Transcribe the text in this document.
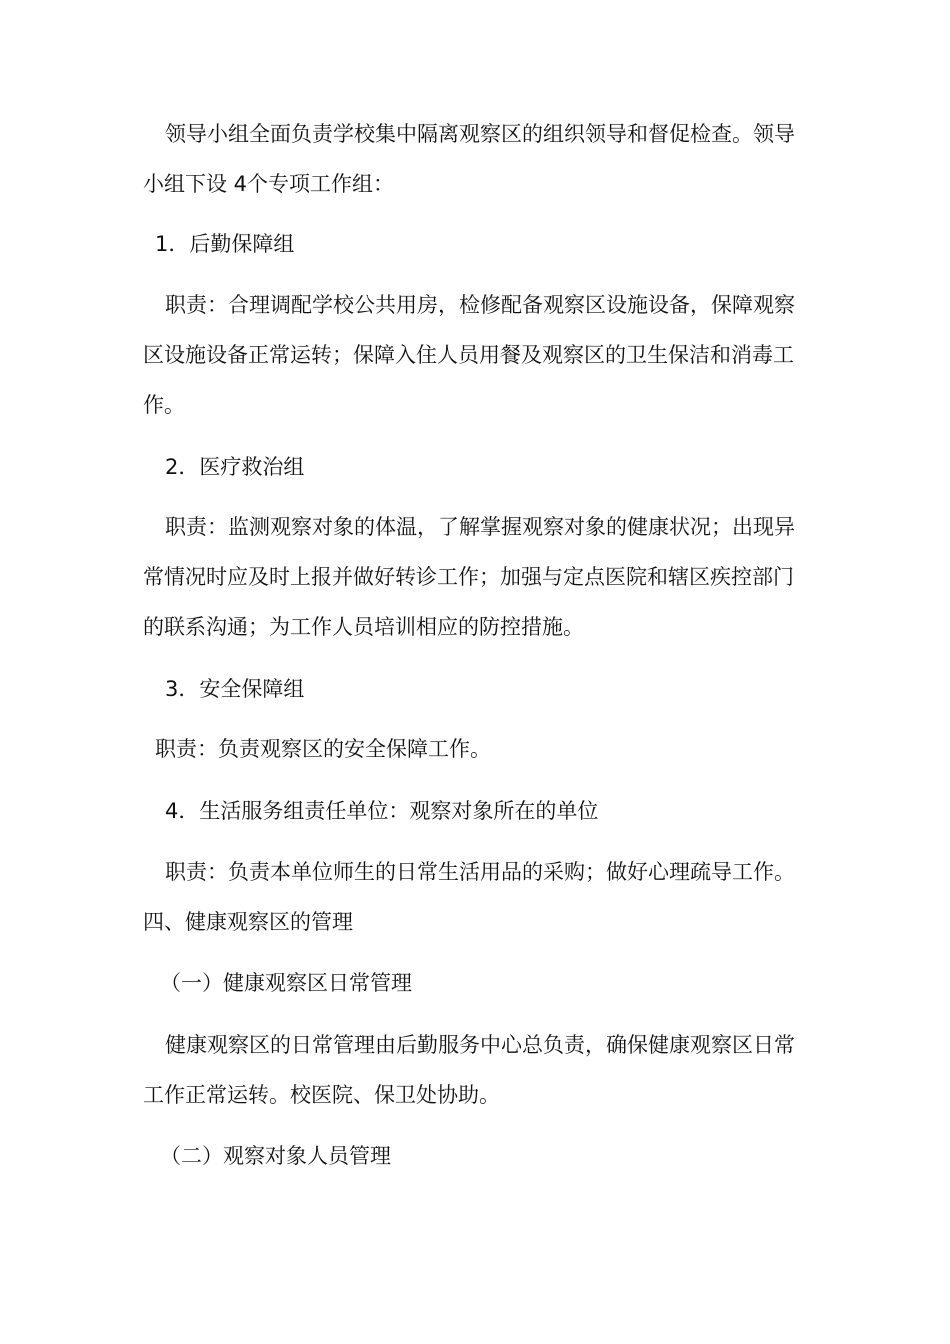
领导小组全面负责学校集中隔离观察区的组织领导和督促检查。领导

小组下设 4个专项工作组：

1．后勤保障组

职责：合理调配学校公共用房，检修配备观察区设施设备，保障观察

区设施设备正常运转；保障入住人员用餐及观察区的卫生保洁和消毒工

作。

2．医疗救治组

职责：监测观察对象的体温，了解掌握观察对象的健康状况；出现异

常情况时应及时上报并做好转诊工作；加强与定点医院和辖区疾控部门

的联系沟通；为工作人员培训相应的防控措施。

3．安全保障组

职责：负责观察区的安全保障工作。

4．生活服务组责任单位：观察对象所在的单位

职责：负责本单位师生的日常生活用品的采购；做好心理疏导工作。

四、健康观察区的管理

（一）健康观察区日常管理

健康观察区的日常管理由后勤服务中心总负责，确保健康观察区日常

工作正常运转。校医院、保卫处协助。

（二）观察对象人员管理
